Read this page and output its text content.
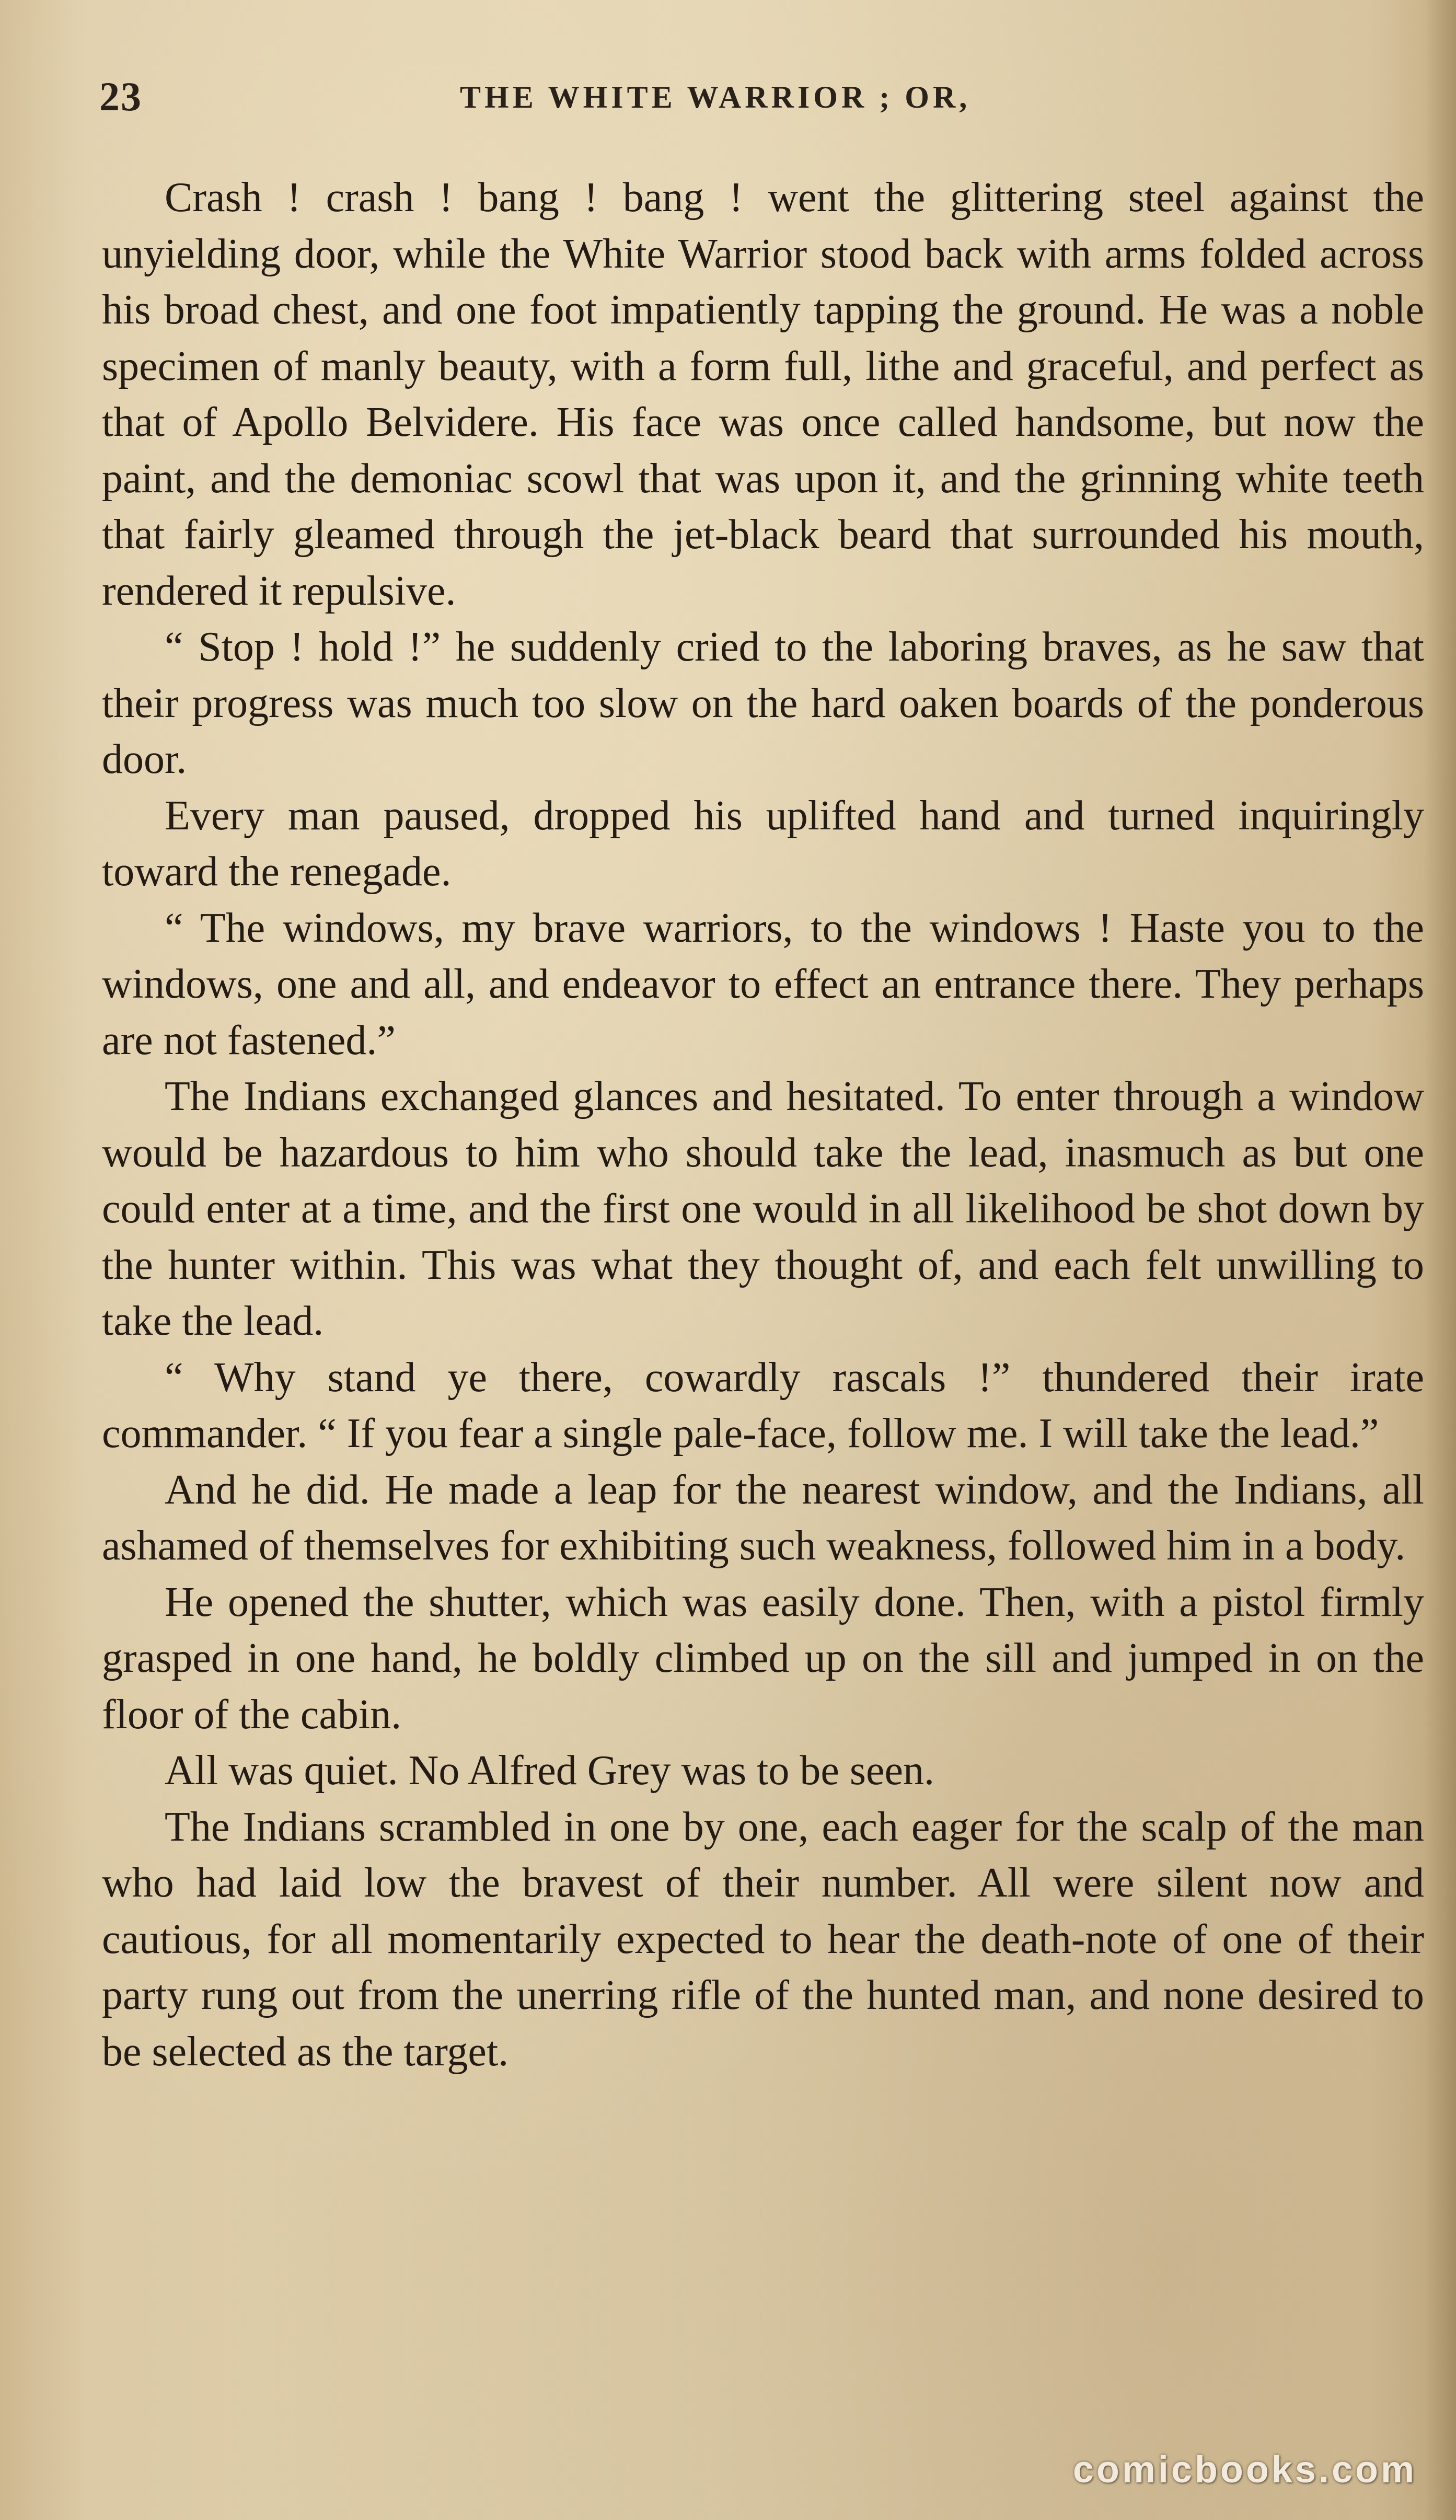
23	THE WHITE WARRIOR ; OR,

Crash ! crash ! bang ! bang ! went the glittering steel against the unyielding door, while the White Warrior stood back with arms folded across his broad chest, and one foot impatiently tapping the ground. He was a noble specimen of manly beauty, with a form full, lithe and graceful, and perfect as that of Apollo Belvidere. His face was once called handsome, but now the paint, and the demoniac scowl that was upon it, and the grinning white teeth that fairly gleamed through the jet-black beard that surrounded his mouth, rendered it repulsive.

“ Stop ! hold !” he suddenly cried to the laboring braves, as he saw that their progress was much too slow on the hard oaken boards of the ponderous door.

Every man paused, dropped his uplifted hand and turned inquiringly toward the renegade.

“ The windows, my brave warriors, to the windows ! Haste you to the windows, one and all, and endeavor to effect an entrance there. They perhaps are not fastened.”

The Indians exchanged glances and hesitated. To enter through a window would be hazardous to him who should take the lead, inasmuch as but one could enter at a time, and the first one would in all likelihood be shot down by the hunter within. This was what they thought of, and each felt unwilling to take the lead.

“ Why stand ye there, cowardly rascals !” thundered their irate commander. “ If you fear a single pale-face, follow me. I will take the lead.”

And he did. He made a leap for the nearest window, and the Indians, all ashamed of themselves for exhibiting such weakness, followed him in a body.

He opened the shutter, which was easily done. Then, with a pistol firmly grasped in one hand, he boldly climbed up on the sill and jumped in on the floor of the cabin.

All was quiet. No Alfred Grey was to be seen.

The Indians scrambled in one by one, each eager for the scalp of the man who had laid low the bravest of their number. All were silent now and cautious, for all momentarily expected to hear the death-note of one of their party rung out from the unerring rifle of the hunted man, and none desired to be selected as the target.

comicbooks.com
